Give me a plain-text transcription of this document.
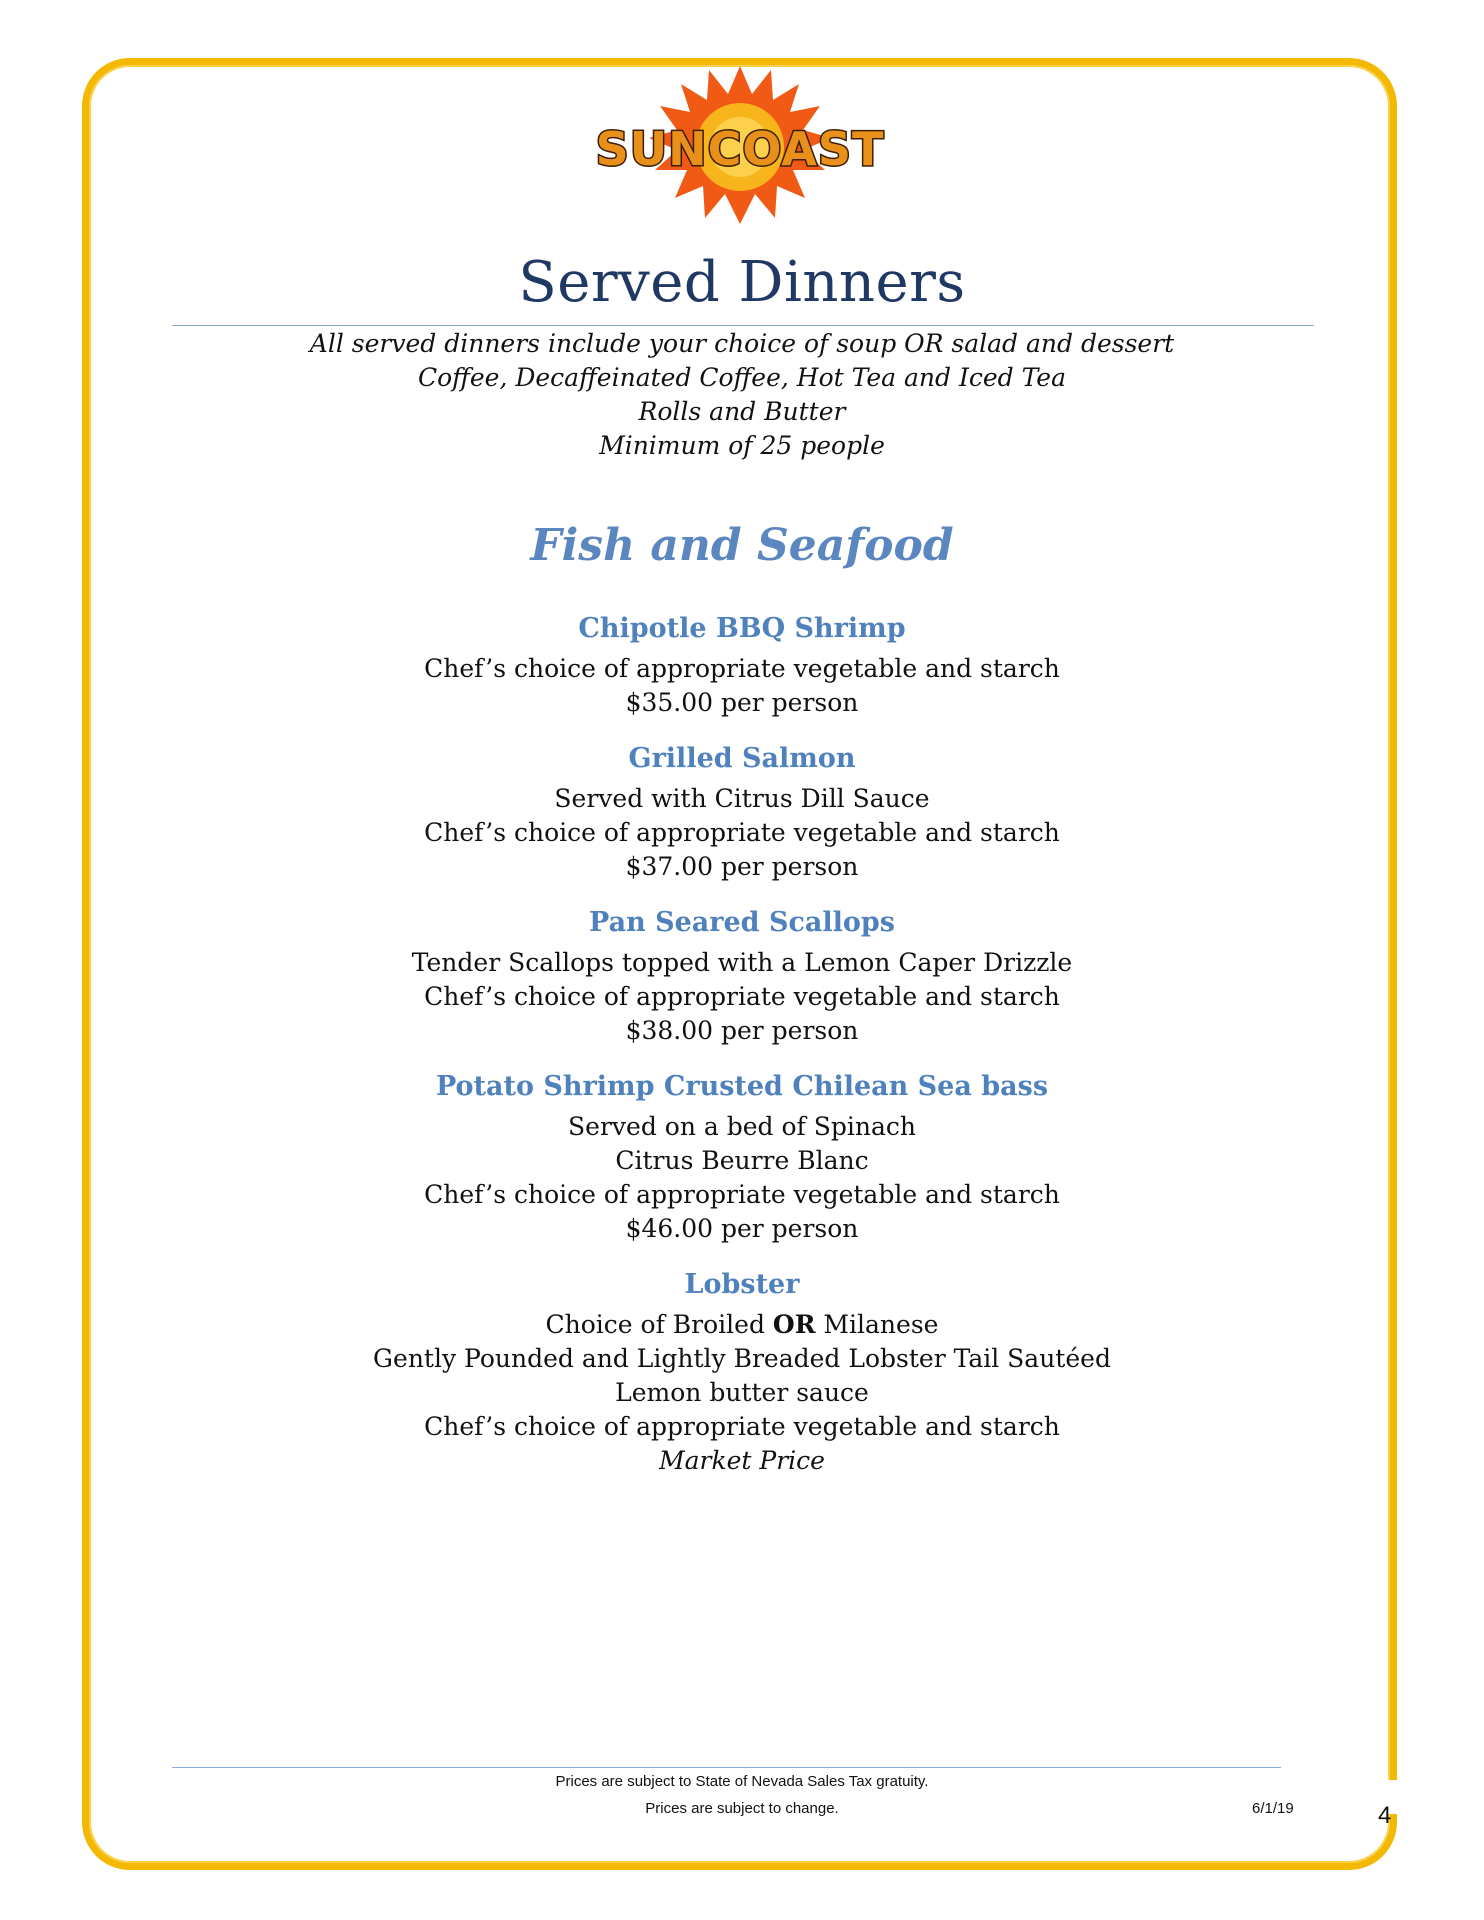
SUNCOAST
Served Dinners
All served dinners include your choice of soup OR salad and dessert
Coffee, Decaffeinated Coffee, Hot Tea and Iced Tea
Rolls and Butter
Minimum of 25 people
Fish and Seafood
Chipotle BBQ Shrimp
Chef’s choice of appropriate vegetable and starch
$35.00 per person
Grilled Salmon
Served with Citrus Dill Sauce
Chef’s choice of appropriate vegetable and starch
$37.00 per person
Pan Seared Scallops
Tender Scallops topped with a Lemon Caper Drizzle
Chef’s choice of appropriate vegetable and starch
$38.00 per person
Potato Shrimp Crusted Chilean Sea bass
Served on a bed of Spinach
Citrus Beurre Blanc
Chef’s choice of appropriate vegetable and starch
$46.00 per person
Lobster
Choice of Broiled OR Milanese
Gently Pounded and Lightly Breaded Lobster Tail Sautéed
Lemon butter sauce
Chef’s choice of appropriate vegetable and starch
Market Price
Prices are subject to State of Nevada Sales Tax gratuity.
Prices are subject to change.	6/1/19	4
